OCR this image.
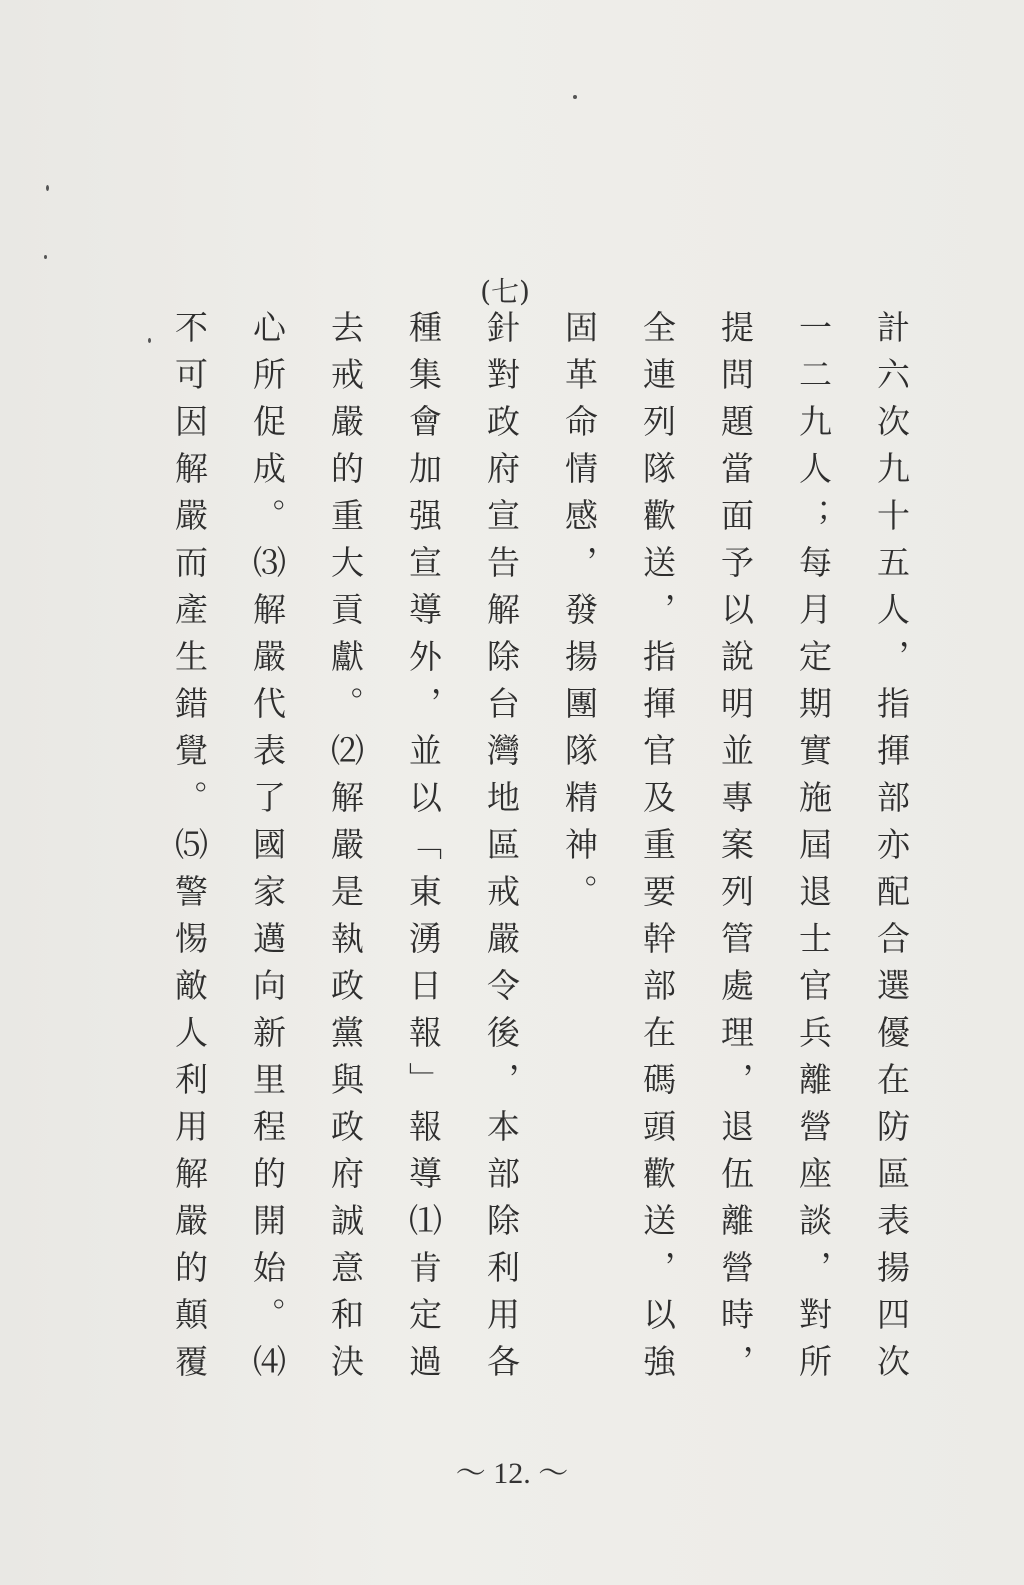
(七)
計六次九十五人，指揮部亦配合選優在防區表揚四次
一二九人；每月定期實施屆退士官兵離營座談，對所
提問題當面予以說明並專案列管處理，退伍離營時，
全連列隊歡送，指揮官及重要幹部在碼頭歡送，以強
固革命情感，發揚團隊精神。
針對政府宣告解除台灣地區戒嚴令後，本部除利用各
種集會加强宣導外，並以「東湧日報」報導⑴肯定過
去戒嚴的重大貢獻。⑵解嚴是執政黨與政府誠意和決
心所促成。⑶解嚴代表了國家邁向新里程的開始。⑷
不可因解嚴而產生錯覺。⑸警惕敵人利用解嚴的顛覆
～ 12. ～
